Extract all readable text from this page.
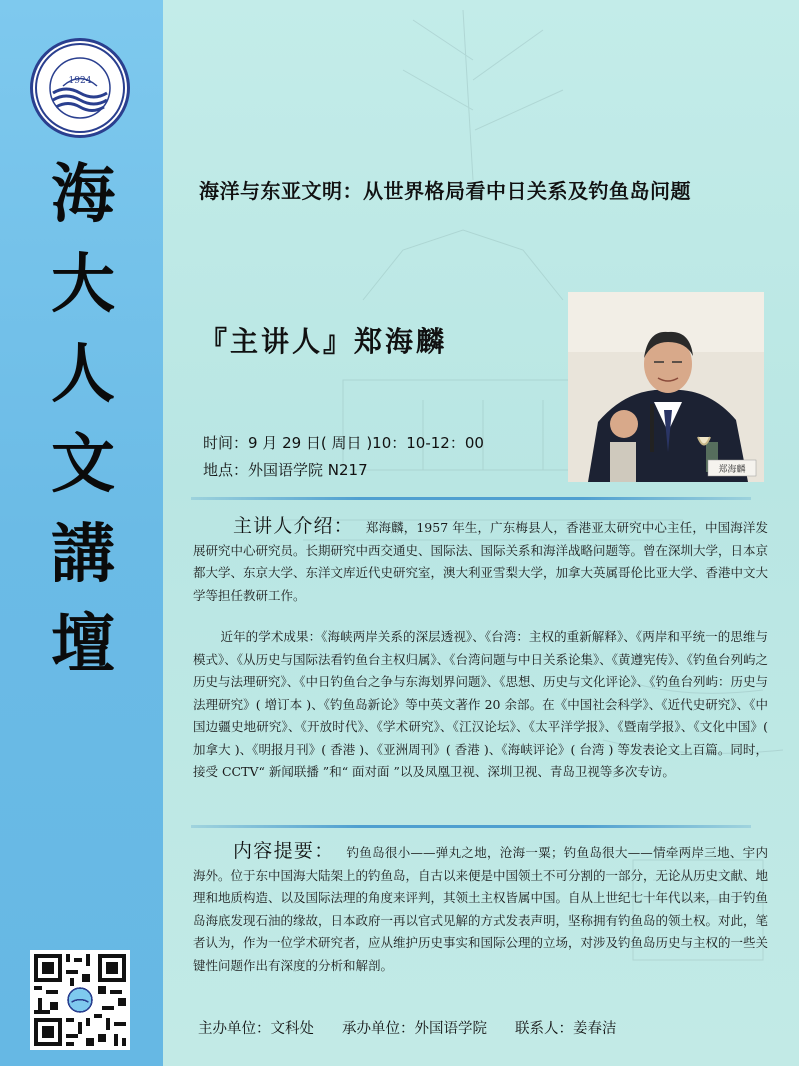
1924
海
大
人
文
講
壇
海洋与东亚文明：从世界格局看中日关系及钓鱼岛问题
『主讲人』郑海麟
郑海麟
时间：9 月 29 日( 周日 )10：10-12：00
地点：外国语学院 N217

主讲人介绍： 郑海麟，1957 年生，广东梅县人，香港亚太研究中心主任，中国海洋发展研究中心研究员。长期研究中西交通史、国际法、国际关系和海洋战略问题等。曾在深圳大学，日本京都大学、东京大学、东洋文库近代史研究室，澳大利亚雪梨大学，加拿大英属哥伦比亚大学、香港中文大学等担任教研工作。

近年的学术成果：《海峡两岸关系的深层透视》、《台湾：主权的重新解释》、《两岸和平统一的思维与模式》、《从历史与国际法看钓鱼台主权归属》、《台湾问题与中日关系论集》、《黄遵宪传》、《钓鱼台列屿之历史与法理研究》、《中日钓鱼台之争与东海划界问题》、《思想、历史与文化评论》、《钓鱼台列屿：历史与法理研究》( 增订本 )、《钓鱼岛新论》等中英文著作 20 余部。在《中国社会科学》、《近代史研究》、《中国边疆史地研究》、《开放时代》、《学术研究》、《江汉论坛》、《太平洋学报》、《暨南学报》、《文化中国》( 加拿大 )、《明报月刊》( 香港 )、《亚洲周刊》( 香港 )、《海峡评论》( 台湾 ) 等发表论文上百篇。同时，接受 CCTV“ 新闻联播 ”和“ 面对面 ”以及凤凰卫视、深圳卫视、青岛卫视等多次专访。

内容提要： 钓鱼岛很小——弹丸之地，沧海一粟；钓鱼岛很大——情牵两岸三地、宇内海外。位于东中国海大陆架上的钓鱼岛，自古以来便是中国领土不可分割的一部分，无论从历史文献、地理和地质构造、以及国际法理的角度来评判，其领土主权皆属中国。自从上世纪七十年代以来，由于钓鱼岛海底发现石油的缘故，日本政府一再以官式见解的方式发表声明，坚称拥有钓鱼岛的领土权。对此，笔者认为，作为一位学术研究者，应从维护历史事实和国际公理的立场，对涉及钓鱼岛历史与主权的一些关键性问题作出有深度的分析和解剖。

主办单位：文科处 承办单位：外国语学院 联系人：姜春洁
